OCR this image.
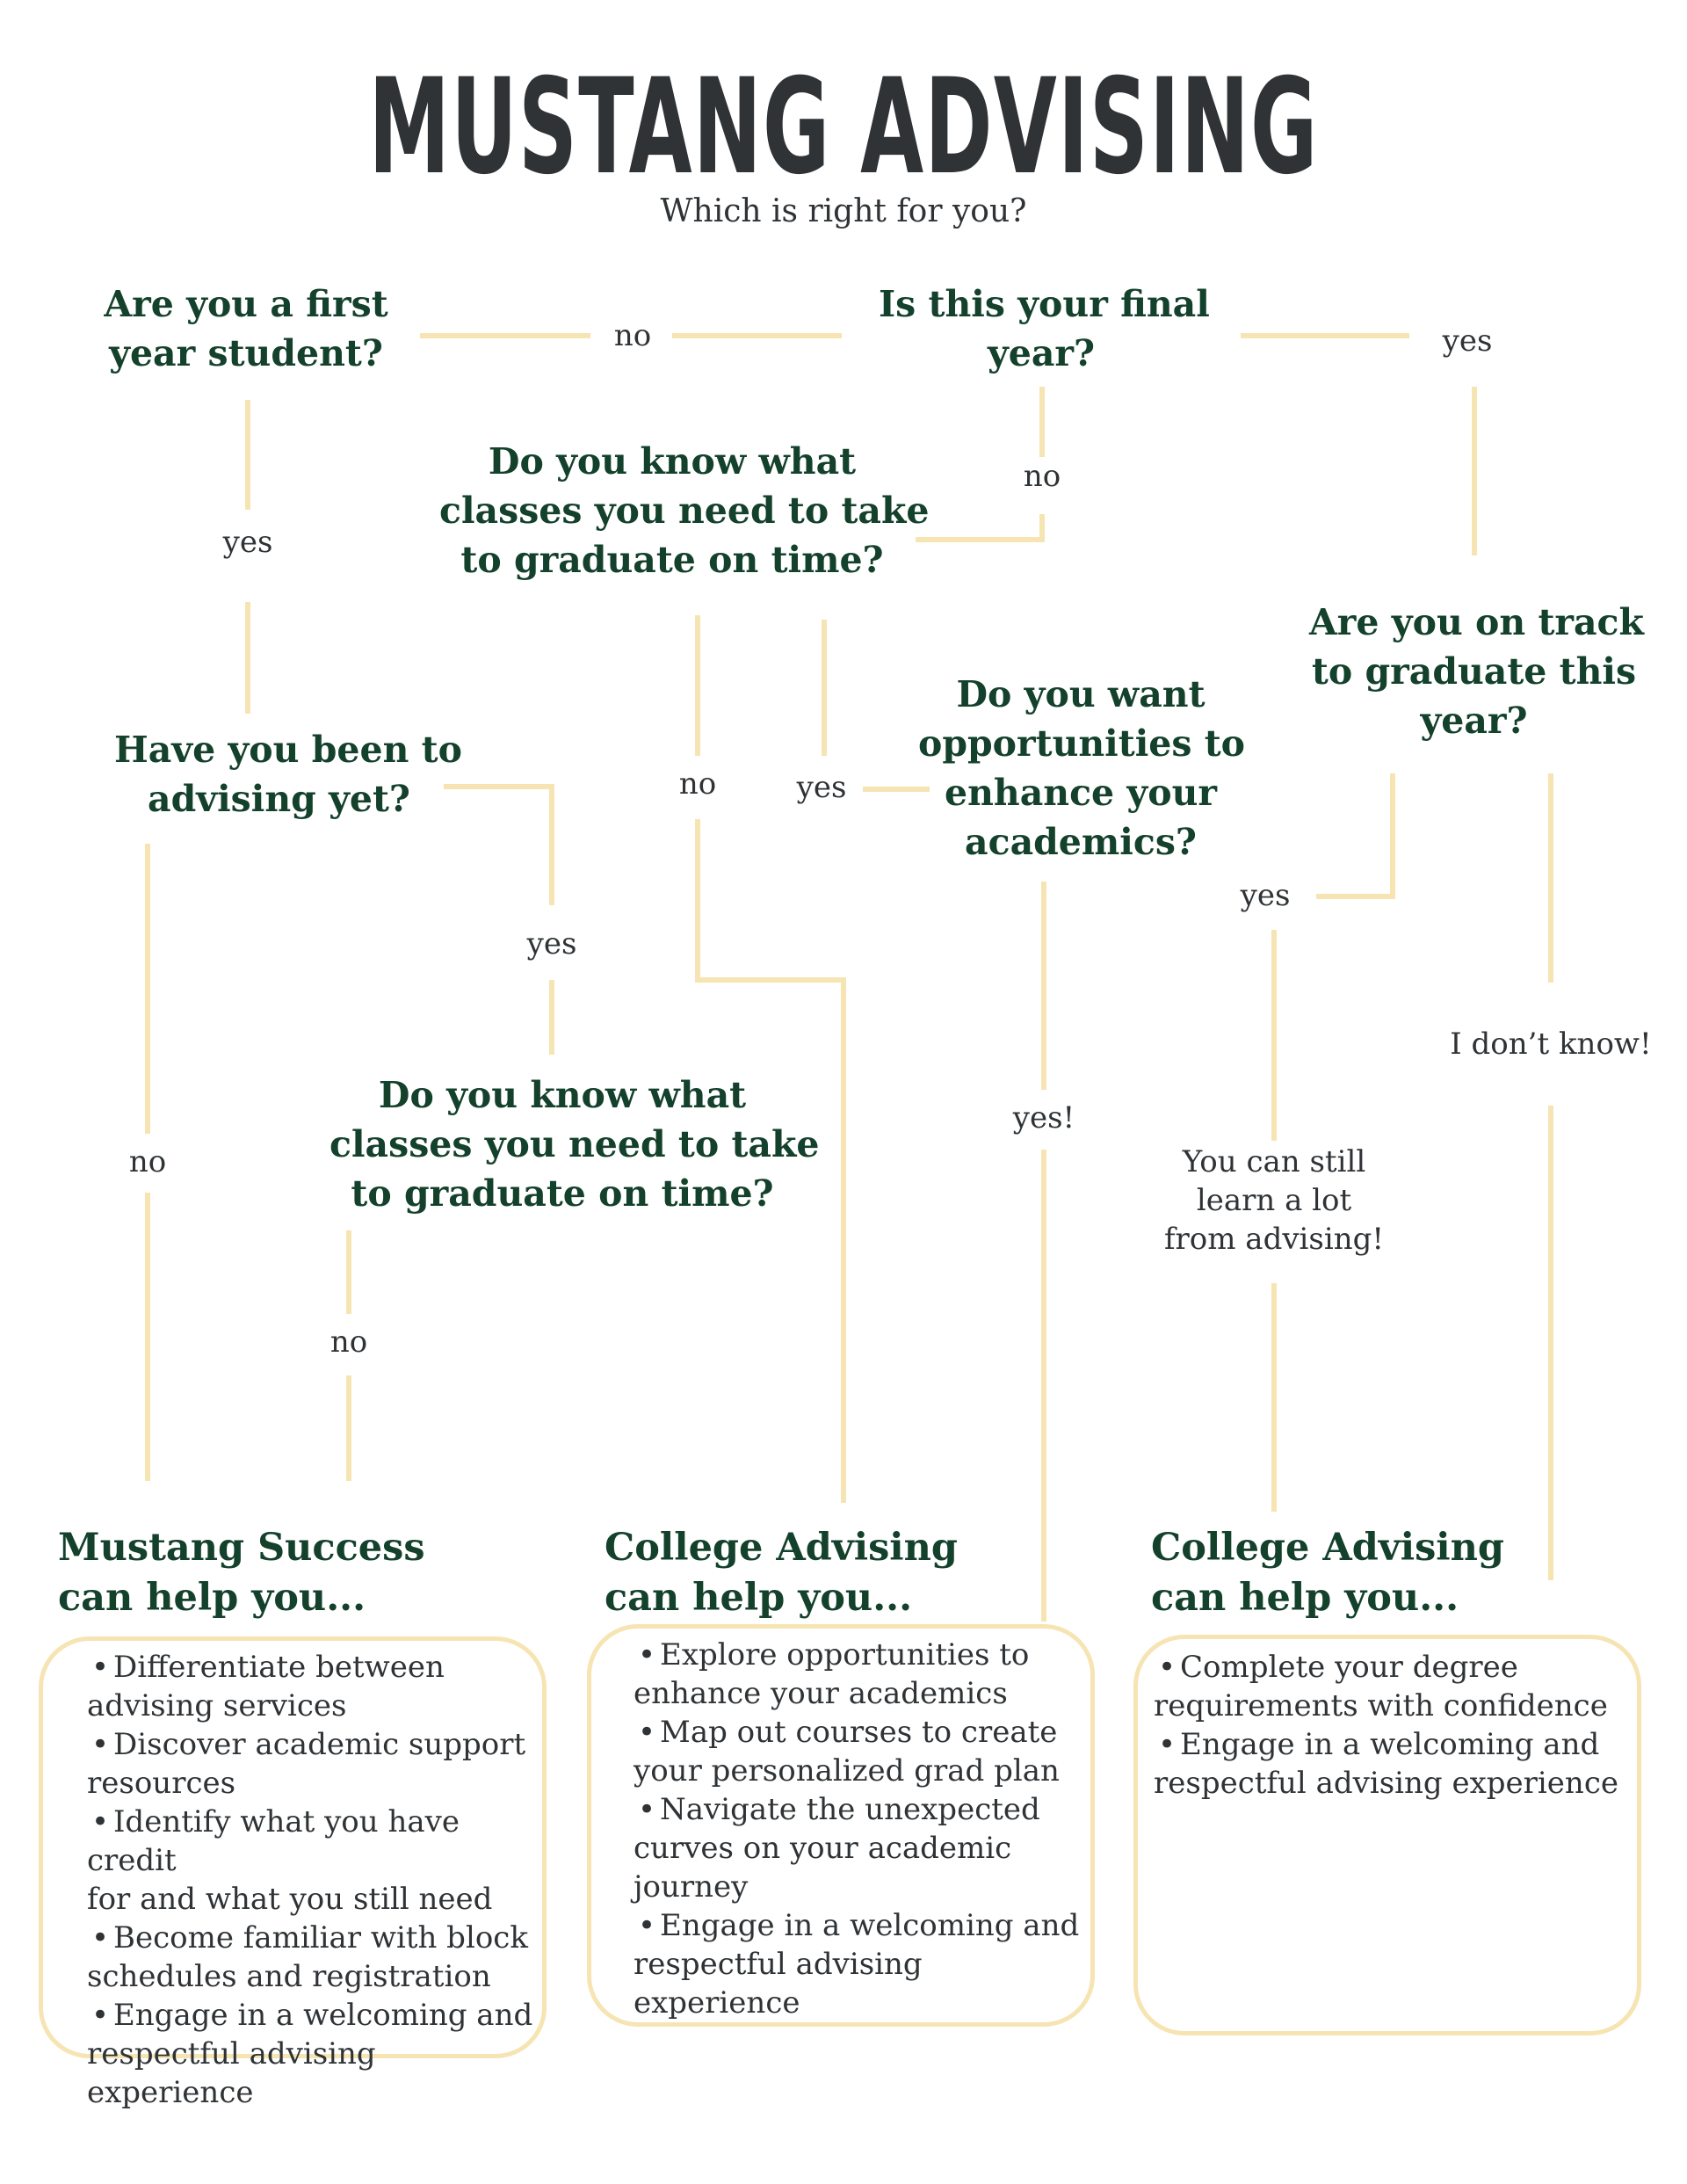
MUSTANG ADVISING
Which is right for you?
Are you a first
year student?
Is this your final
year?
Do you know what
classes you need to take
to graduate on time?
Are you on track
to graduate this
year?
Do you want
opportunities to
enhance your
academics?
Have you been to
advising yet?
Do you know what
classes you need to take
to graduate on time?
no	yes
yes
no
no	yes
yes
no
no
yes!
yes
I don’t know!
You can still
learn a lot
from advising!
Mustang Success
can help you...
• Differentiate between
advising services
• Discover academic support
resources
• Identify what you have credit
for and what you still need
• Become familiar with block
schedules and registration
• Engage in a welcoming and
respectful advising experience
College Advising
can help you...
• Explore opportunities to
enhance your academics
• Map out courses to create
your personalized grad plan
• Navigate the unexpected
curves on your academic
journey
• Engage in a welcoming and
respectful advising experience
College Advising
can help you...
• Complete your degree
requirements with confidence
• Engage in a welcoming and
respectful advising experience
